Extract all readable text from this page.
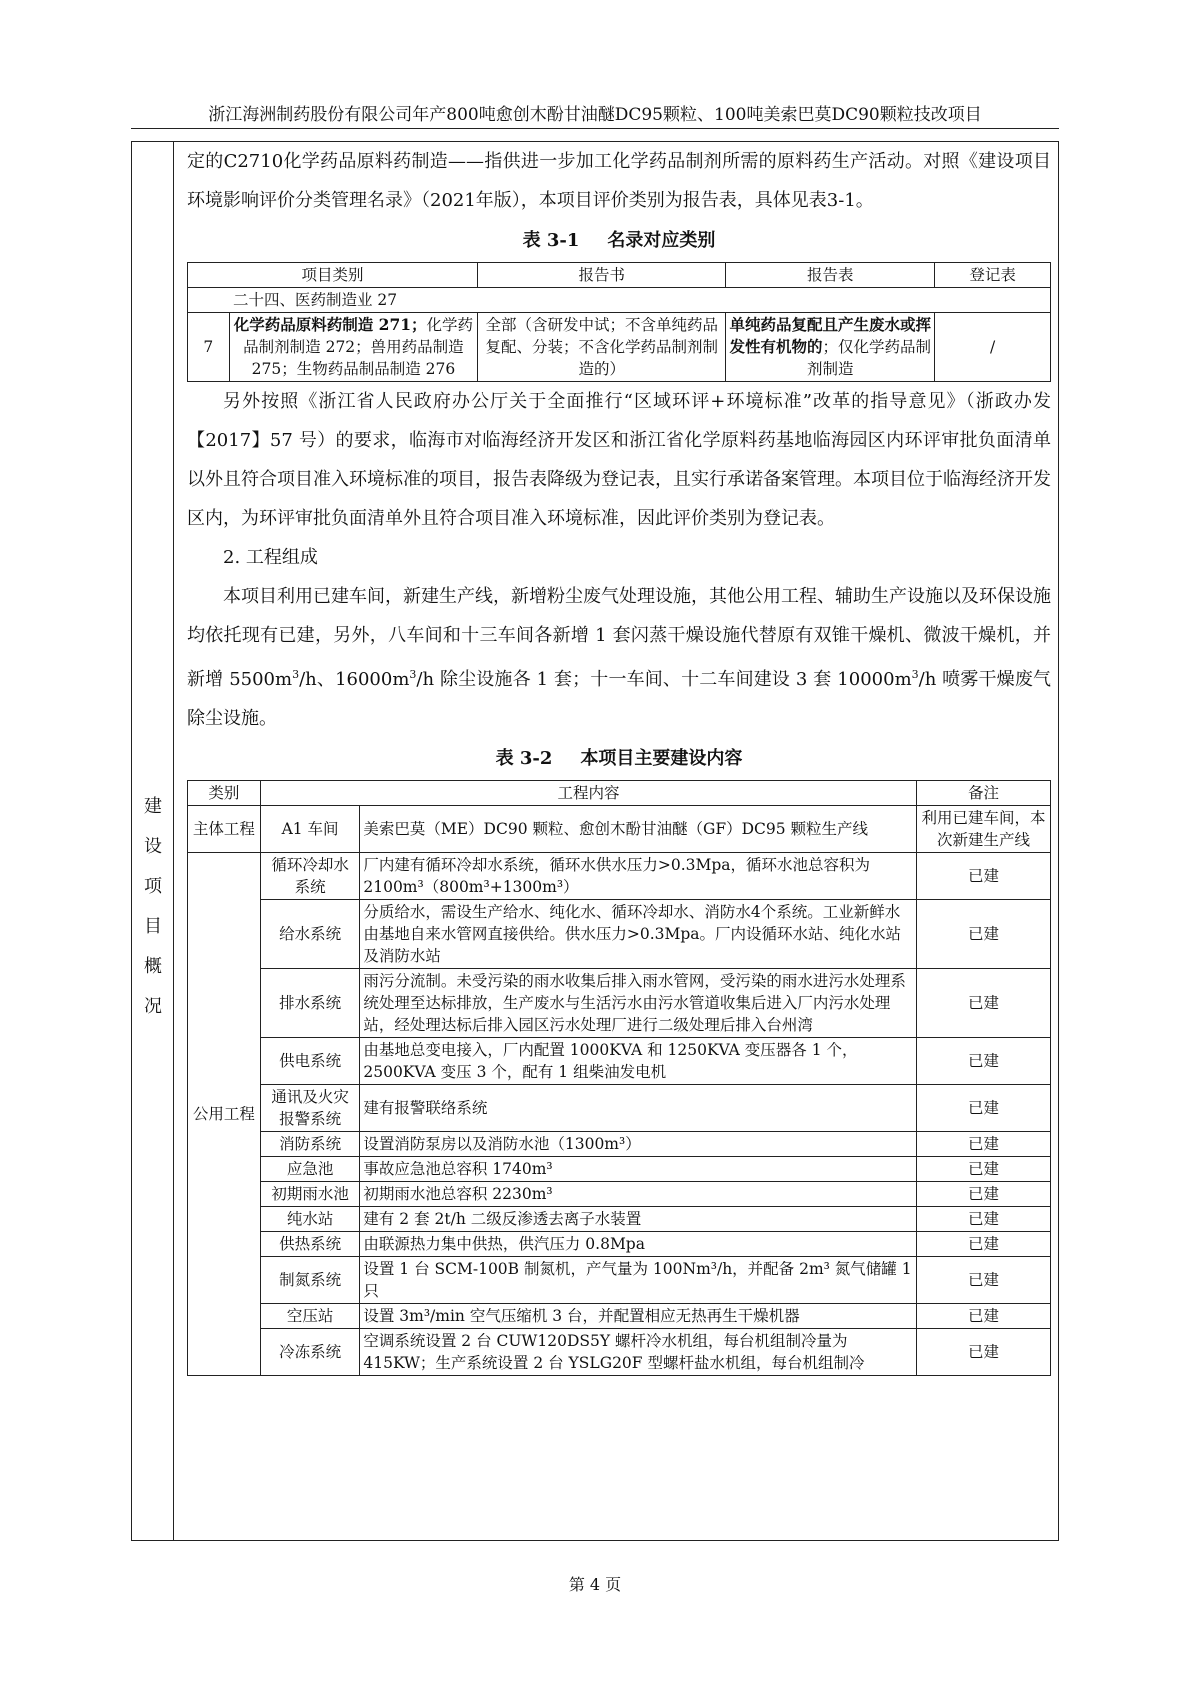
浙江海洲制药股份有限公司年产800吨愈创木酚甘油醚DC95颗粒、100吨美索巴莫DC90颗粒技改项目
建
设
项
目
概
况

定的C2710化学药品原料药制造——指供进一步加工化学药品制剂所需的原料药生产活动。对照《建设项目环境影响评价分类管理名录》（2021年版），本项目评价类别为报告表，具体见表3-1。

表 3-1 名录对应类别
项目类别		报告书	报告表	登记表
二十四、医药制造业 27				
7	化学药品原料药制造 271；化学药品制剂制造 272；兽用药品制造 275；生物药品制品制造 276	全部（含研发中试；不含单纯药品复配、分装；不含化学药品制剂制造的）	单纯药品复配且产生废水或挥发性有机物的；仅化学药品制剂制造	/

另外按照《浙江省人民政府办公厅关于全面推行“区域环评+环境标准”改革的指导意见》（浙政办发【2017】57 号）的要求，临海市对临海经济开发区和浙江省化学原料药基地临海园区内环评审批负面清单以外且符合项目准入环境标准的项目，报告表降级为登记表，且实行承诺备案管理。本项目位于临海经济开发区内，为环评审批负面清单外且符合项目准入环境标准，因此评价类别为登记表。

2. 工程组成

本项目利用已建车间，新建生产线，新增粉尘废气处理设施，其他公用工程、辅助生产设施以及环保设施均依托现有已建，另外，八车间和十三车间各新增 1 套闪蒸干燥设施代替原有双锥干燥机、微波干燥机，并新增 $5500m^3/h$、$16000m^3/h$ 除尘设施各 1 套；十一车间、十二车间建设 3 套 $10000m^3/h$ 喷雾干燥废气除尘设施。

表 3-2 本项目主要建设内容
类别	工程内容		备注
主体工程	A1 车间	美索巴莫（ME）DC90 颗粒、愈创木酚甘油醚（GF）DC95 颗粒生产线	利用已建车间，本次新建生产线
公用工程	循环冷却水系统	厂内建有循环冷却水系统，循环水供水压力>0.3Mpa，循环水池总容积为2100m³（800m³+1300m³）	已建
	给水系统	分质给水，需设生产给水、纯化水、循环冷却水、消防水4个系统。工业新鲜水由基地自来水管网直接供给。供水压力>0.3Mpa。厂内设循环水站、纯化水站及消防水站	已建
	排水系统	雨污分流制。未受污染的雨水收集后排入雨水管网，受污染的雨水进污水处理系统处理至达标排放，生产废水与生活污水由污水管道收集后进入厂内污水处理站，经处理达标后排入园区污水处理厂进行二级处理后排入台州湾	已建
	供电系统	由基地总变电接入，厂内配置 1000KVA 和 1250KVA 变压器各 1 个，2500KVA 变压 3 个，配有 1 组柴油发电机	已建
	通讯及火灾报警系统	建有报警联络系统	已建
	消防系统	设置消防泵房以及消防水池（1300m³）	已建
	应急池	事故应急池总容积 1740m³	已建
	初期雨水池	初期雨水池总容积 2230m³	已建
	纯水站	建有 2 套 2t/h 二级反渗透去离子水装置	已建
	供热系统	由联源热力集中供热，供汽压力 0.8Mpa	已建
	制氮系统	设置 1 台 SCM-100B 制氮机，产气量为 100Nm³/h，并配备 2m³ 氮气储罐 1 只	已建
	空压站	设置 3m³/min 空气压缩机 3 台，并配置相应无热再生干燥机器	已建
	冷冻系统	空调系统设置 2 台 CUW120DS5Y 螺杆冷水机组，每台机组制冷量为415KW；生产系统设置 2 台 YSLG20F 型螺杆盐水机组，每台机组制冷	已建
第 4 页
